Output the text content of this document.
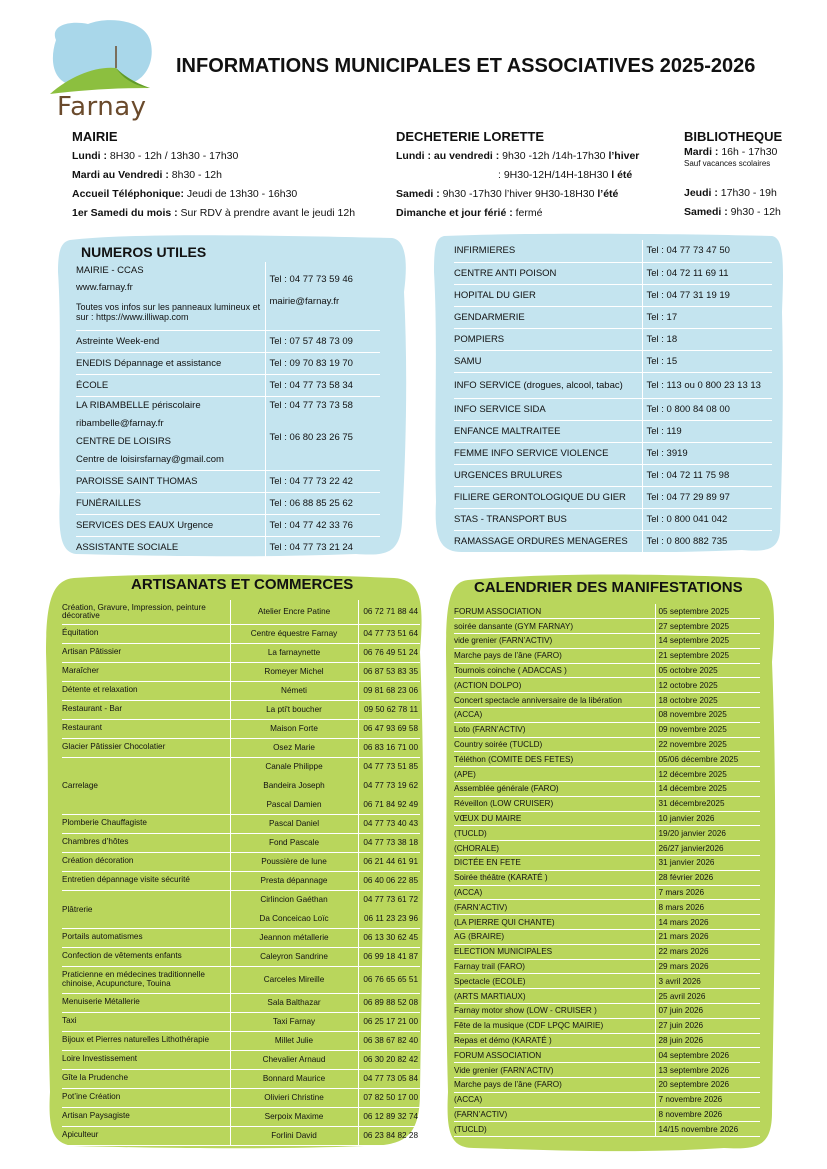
Farnay
INFORMATIONS MUNICIPALES ET ASSOCIATIVES 2025-2026
MAIRIE
Lundi : 8H30 - 12h / 13h30 - 17h30
Mardi au Vendredi : 8h30 - 12h
Accueil Téléphonique: Jeudi de 13h30 - 16h30
1er Samedi du mois : Sur RDV à prendre avant le jeudi 12h
DECHETERIE LORETTE
Lundi : au vendredi : 9h30 -12h /14h-17h30 l’hiver
: 9H30-12H/14H-18H30 l été
Samedi : 9h30 -17h30 l’hiver 9H30-18H30 l’été
Dimanche et jour férié : fermé
BIBLIOTHEQUE
Mardi : 16h - 17h30
Sauf vacances scolaires
Jeudi : 17h30 - 19h
Samedi : 9h30 - 12h
NUMEROS UTILES
MAIRIE - CCAS	Tel : 04 77 73 59 46
www.farnay.fr	
Toutes vos infos sur les panneaux lumineux et sur : https://www.illiwap.com	mairie@farnay.fr
Astreinte Week-end	Tel : 07 57 48 73 09
ENEDIS Dépannage et assistance	Tel : 09 70 83 19 70
ÉCOLE	Tel : 04 77 73 58 34
LA RIBAMBELLE périscolaire	Tel : 04 77 73 73 58
ribambelle@farnay.fr	
CENTRE DE LOISIRS	Tel : 06 80 23 26 75
Centre de loisirsfarnay@gmail.com	
PAROISSE SAINT THOMAS	Tel : 04 77 73 22 42
FUNÉRAILLES	Tel : 06 88 85 25 62
SERVICES DES EAUX Urgence	Tel : 04 77 42 33 76
ASSISTANTE SOCIALE	Tel : 04 77 73 21 24
INFIRMIERES	Tel : 04 77 73 47 50
CENTRE ANTI POISON	Tel : 04 72 11 69 11
HOPITAL DU GIER	Tel : 04 77 31 19 19
GENDARMERIE	Tel : 17
POMPIERS	Tel : 18
SAMU	Tel : 15
INFO SERVICE (drogues, alcool, tabac)	Tel : 113 ou 0 800 23 13 13
INFO SERVICE SIDA	Tel : 0 800 84 08 00
ENFANCE MALTRAITEE	Tel : 119
FEMME INFO SERVICE VIOLENCE	Tel : 3919
URGENCES BRULURES	Tel : 04 72 11 75 98
FILIERE GERONTOLOGIQUE DU GIER	Tel : 04 77 29 89 97
STAS - TRANSPORT BUS	Tel : 0 800 041 042
RAMASSAGE ORDURES MENAGERES	Tel : 0 800 882 735
ARTISANATS ET COMMERCES
Création, Gravure, Impression, peinture décorative	Atelier Encre Patine	06 72 71 88 44
Équitation	Centre équestre Farnay	04 77 73 51 64
Artisan Pâtissier	La farnaynette	06 76 49 51 24
Maraîcher	Romeyer Michel	06 87 53 83 35
Détente et relaxation	Németi	09 81 68 23 06
Restaurant - Bar	La pti't boucher	09 50 62 78 11
Restaurant	Maison Forte	06 47 93 69 58
Glacier Pâtissier Chocolatier	Osez Marie	06 83 16 71 00
Carrelage	Canale Philippe	04 77 73 51 85
	Bandeira Joseph	04 77 73 19 62
	Pascal Damien	06 71 84 92 49
Plomberie Chauffagiste	Pascal Daniel	04 77 73 40 43
Chambres d’hôtes	Fond Pascale	04 77 73 38 18
Création décoration	Poussière de lune	06 21 44 61 91
Entretien dépannage visite sécurité	Presta dépannage	06 40 06 22 85
Plâtrerie	Cirlincion Gaéthan	04 77 73 61 72
	Da Conceicao Loïc	06 11 23 23 96
Portails automatismes	Jeannon métallerie	06 13 30 62 45
Confection de vêtements enfants	Caleyron Sandrine	06 99 18 41 87
Praticienne en médecines traditionnelle chinoise, Acupuncture, Touina	Carceles Mireille	06 76 65 65 51
Menuiserie Métallerie	Sala Balthazar	06 89 88 52 08
Taxi	Taxi Farnay	06 25 17 21 00
Bijoux et Pierres naturelles Lithothérapie	Millet Julie	06 38 67 82 40
Loire Investissement	Chevalier Arnaud	06 30 20 82 42
Gîte la Prudenche	Bonnard Maurice	04 77 73 05 84
Pot’ine Création	Olivieri Christine	07 82 50 17 00
Artisan Paysagiste	Serpoix Maxime	06 12 89 32 74
Apiculteur	Forlini David	06 23 84 82 28
CALENDRIER DES MANIFESTATIONS
FORUM ASSOCIATION	05 septembre 2025
soirée dansante (GYM FARNAY)	27 septembre 2025
vide grenier (FARN’ACTIV)	14 septembre 2025
Marche pays de l’âne (FARO)	21 septembre 2025
Tournois coinche ( ADACCAS )	05 octobre 2025
(ACTION DOLPO)	12 octobre 2025
Concert spectacle anniversaire de la libération	18 octobre 2025
(ACCA)	08 novembre 2025
Loto (FARN’ACTIV)	09 novembre 2025
Country soirée (TUCLD)	22 novembre 2025
Téléthon (COMITE DES FETES)	05/06 décembre 2025
(APE)	12 décembre 2025
Assemblée générale (FARO)	14 décembre 2025
Réveillon (LOW CRUISER)	31 décembre2025
VŒUX DU MAIRE	10 janvier 2026
(TUCLD)	19/20 janvier 2026
(CHORALE)	26/27 janvier2026
DICTÉE EN FETE	31 janvier 2026
Soirée théâtre (KARATÉ )	28 février 2026
(ACCA)	7 mars 2026
(FARN’ACTIV)	8 mars 2026
(LA PIERRE QUI CHANTE)	14 mars 2026
AG (BRAIRE)	21 mars 2026
ELECTION MUNICIPALES	22 mars 2026
Farnay trail (FARO)	29 mars 2026
Spectacle (ECOLE)	3 avril 2026
(ARTS MARTIAUX)	25 avril 2026
Farnay motor show (LOW - CRUISER )	07 juin 2026
Fête de la musique (CDF LPQC MAIRIE)	27 juin 2026
Repas et démo (KARATÉ )	28 juin 2026
FORUM ASSOCIATION	04 septembre 2026
Vide grenier (FARN’ACTIV)	13 septembre 2026
Marche pays de l’âne (FARO)	20 septembre 2026
(ACCA)	7 novembre 2026
(FARN’ACTIV)	8 novembre 2026
(TUCLD)	14/15 novembre 2026
